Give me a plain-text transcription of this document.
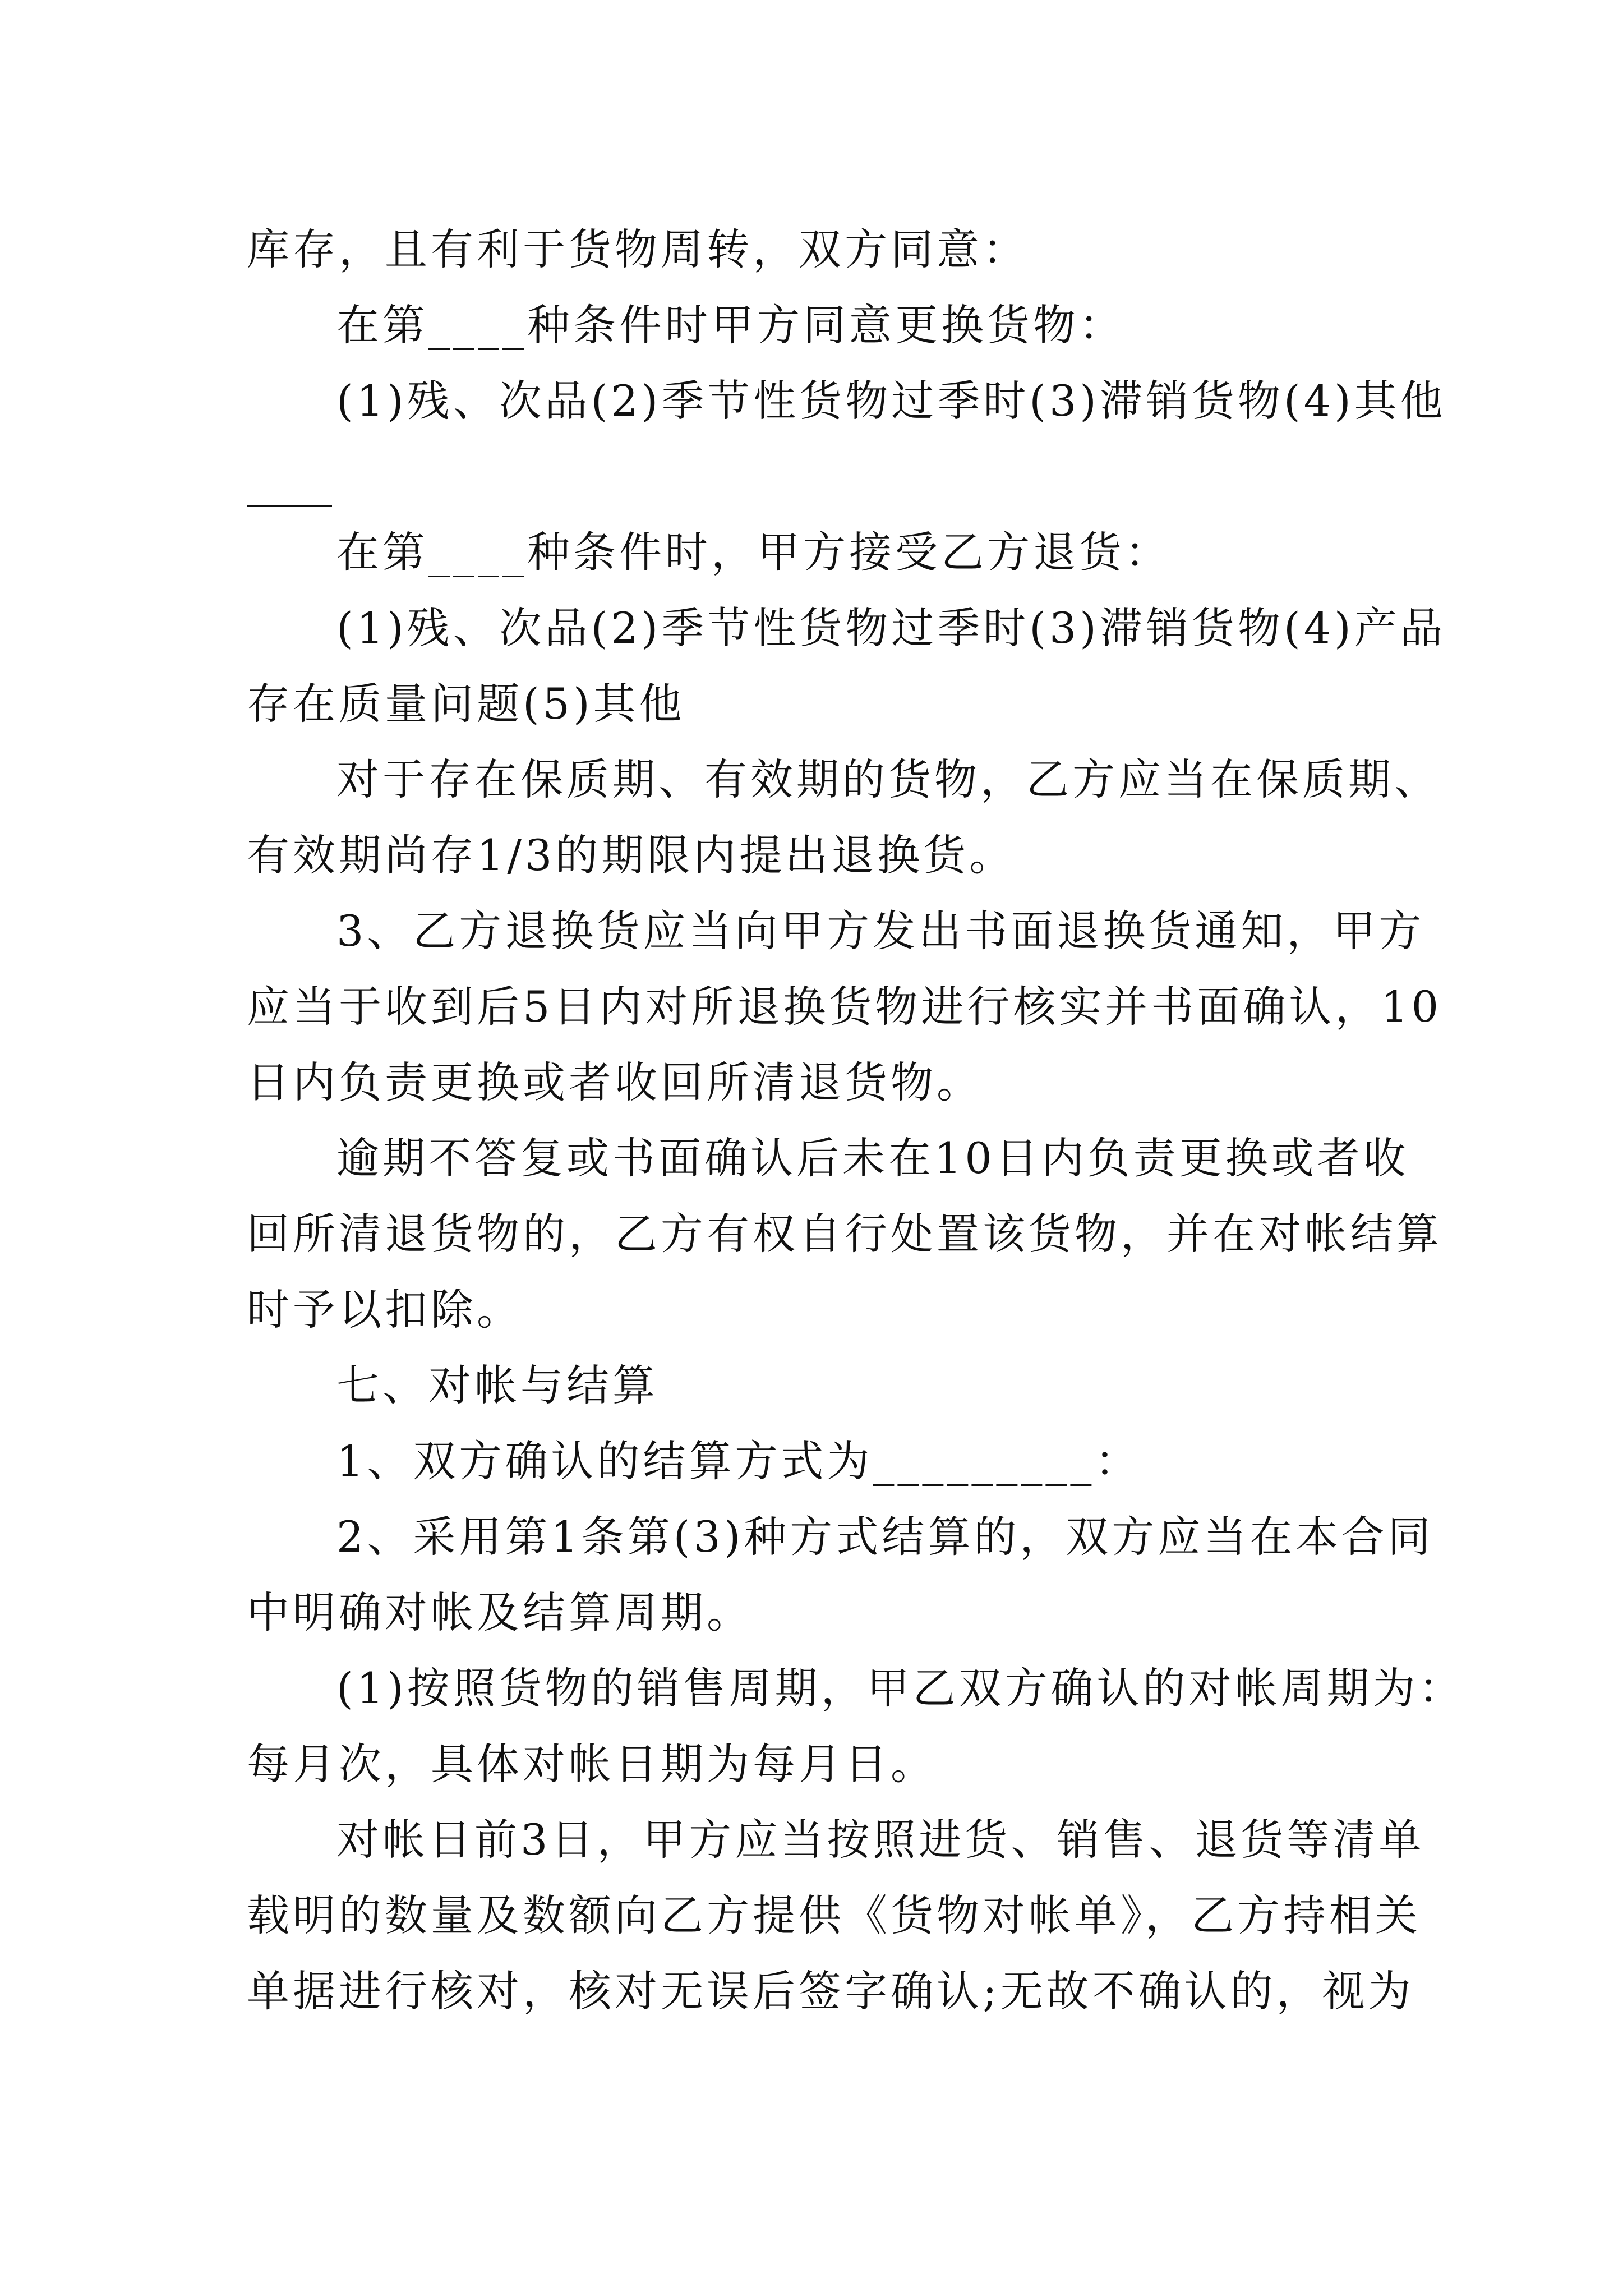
库存，且有利于货物周转，双方同意：
在第____种条件时甲方同意更换货物：
(1)残、次品(2)季节性货物过季时(3)滞销货物(4)其他
____
在第____种条件时，甲方接受乙方退货：
(1)残、次品(2)季节性货物过季时(3)滞销货物(4)产品
存在质量问题(5)其他
对于存在保质期、有效期的货物，乙方应当在保质期、
有效期尚存1/3的期限内提出退换货。
3、乙方退换货应当向甲方发出书面退换货通知，甲方
应当于收到后5日内对所退换货物进行核实并书面确认，10
日内负责更换或者收回所清退货物。
逾期不答复或书面确认后未在10日内负责更换或者收
回所清退货物的，乙方有权自行处置该货物，并在对帐结算
时予以扣除。
七、对帐与结算
1、双方确认的结算方式为_________：
2、采用第1条第(3)种方式结算的，双方应当在本合同
中明确对帐及结算周期。
(1)按照货物的销售周期，甲乙双方确认的对帐周期为：
每月次，具体对帐日期为每月日。
对帐日前3日，甲方应当按照进货、销售、退货等清单
载明的数量及数额向乙方提供《货物对帐单》，乙方持相关
单据进行核对，核对无误后签字确认;无故不确认的，视为
